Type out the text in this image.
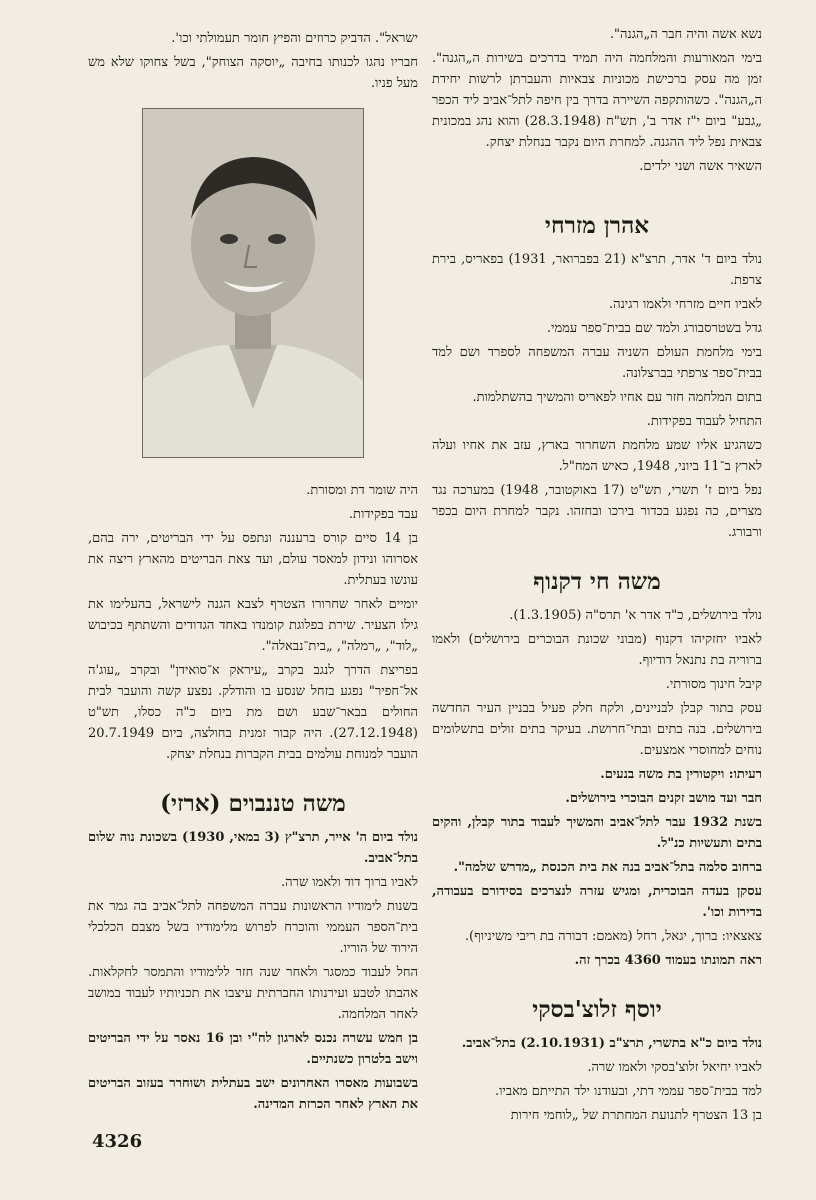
נשא אשה והיה חבר ה„הגנה".

בימי המאורעות והמלחמה היה תמיד בדרכים בשירות ה„הגנה". זמן מה עסק ברכישת מכוניות צבאיות והעברתן לרשות יחידת ה„הגנה". כשהותקפה השיירה בדרך בין חיפה לתל־אביב ליד הכפר „גבע" ביום י"ז אדר ב', תש"ח (28.3.1948) והוא נהג במכונית צבאית נפל ליד ההגנה. למחרת היום נקבר בנחלת יצחק.

השאיר אשה ושני ילדים.

אהרן מזרחי

נולד ביום ד' אדר, תרצ"א (21 בפברואר, 1931) בפאריס, בירת צרפת.

לאביו חיים מזרחי ולאמו רגינה.

גדל בשטרסבורג ולמד שם בבית־ספר עממי.

בימי מלחמת העולם השניה עברה המשפחה לספרד ושם למד בבית־ספר צרפתי בברצלונה.

בתום המלחמה חזר עם אחיו לפאריס והמשיך בהשתלמות.

התחיל לעבוד בפקידות.

כשהגיע אליו שמע מלחמת השחרור בארץ, עזב את אחיו ועלה לארץ ב־11 ביוני, 1948, כאיש המח"ל.

נפל ביום ז' תשרי, תש"ט (17 באוקטובר, 1948) במערכה נגד מצרים, כה נפגע בכדור בירכו ובחזהו. נקבר למחרת היום בכפר ורבורג.

משה חי דקנוף

נולד בירושלים, כ"ד אדר א' תרס"ה (1.3.1905).

לאביו יחזקיהו דקנוף (מבוני שכונת הבוכרים בירושלים) ולאמו ברוריה בת נתנאל דודיוף.

קיבל חינוך מסורתי.

עסק בתור קבלן לבניינים, ולקח חלק פעיל בבניין העיר החדשה בירושלים. בנה בתים ובתי־חרושת. בעיקר בתים זולים בתשלומים נוחים למחוסרי אמצעים.

רעיתו: ויקטורין בת משה בנעים.

חבר ועד מושב זקנים הבוכרי בירושלים.

בשנת 1932 עבר לתל־אביב והמשיך לעבוד בתור קבלן, והקים בתים ותעשיות כנ"ל.

ברחוב סלמה בתל־אביב בנה את בית הכנסת „מדרש שלמה".

עסקן בעדה הבוכרית, ומגיש עזרה לנצרכים בסידורם בעבודה, בדירות וכו'.

צאצאיו: ברוך, יגאל, רחל (מאמם: דבורה בת ריבי משיניוף).

ראה תמונתו בעמוד 4360 בכרך זה.

יוסף זלוצ'בסקי

נולד ביום כ"א בתשרי, תרצ"ב (2.10.1931) בתל־אביב.

לאביו יחיאל זלוצ'בסקי ולאמו שרה.

למד בבית־ספר עממי דתי, ובעודנו ילד התייתם מאביו.

בן 13 הצטרף לתנועת המחתרת של „לוחמי חירות

ישראל". הדביק כרוזים והפיץ חומר תעמולתי וכו'.

חבריו נהגו לכנותו בחיבה „יוסקה הצוחק", בשל צחוקו שלא מש מעל פניו.

היה שומר דת ומסורת.

עבד בפקידות.

בן 14 סיים קורס ברעננה ונתפס על ידי הבריטים, ירה בהם, אסרוהו ונידון למאסר עולם, ועד צאת הבריטים מהארץ ריצה את עונשו בעתלית.

יומיים לאחר שחרורו הצטרף לצבא הגנה לישראל, בהעלימו את גילו הצעיר. שירת בפלוגת קומנדו באחד הגדודים והשתתף בכיבוש „לוד", „רמלה", „בית־נבאלה".

בפריצת הדרך לנגב בקרב „עיראק א־סואידן" ובקרב „עוג'ה אל־חפיר" נפגע בזחל שנסע בו והודלק. נפצע קשה והועבר לבית החולים בבאר־שבע ושם מת ביום כ"ה כסלו, תש"ט (27.12.1948). היה קבור זמנית בחולצה, ביום 20.7.1949 הועבר למנוחת עולמים בבית הקברות בנחלת יצחק.

משה טננבוים (ארזי)

נולד ביום ה' אייר, תרצ"ץ (3 במאי, 1930) בשכונת נוה שלום בתל־אביב.

לאביו ברוך דוד ולאמו שרה.

בשנות לימודיו הראשונות עברה המשפחה לתל־אביב בה גמר את בית־הספר העממי והוכרח לפרוש מלימודיו בשל מצבם הכלכלי הירוד של הוריו.

החל לעבוד כמסגר ולאחר שנה חזר ללימודיו והתמסר לחקלאות. אהבתו לטבע ועירנותו החברתית עיצבו את תכניותיו לעבוד במושב לאחר המלחמה.

בן חמש עשרה נכנס לארגון לח"י ובן 16 נאסר על ידי הבריטים וישב בלטרון כשנתיים.

בשבועות מאסרו האחרונים ישב בעתלית ושוחרר בעזוב הבריטים את הארץ לאחר הכרזת המדינה.

4326
